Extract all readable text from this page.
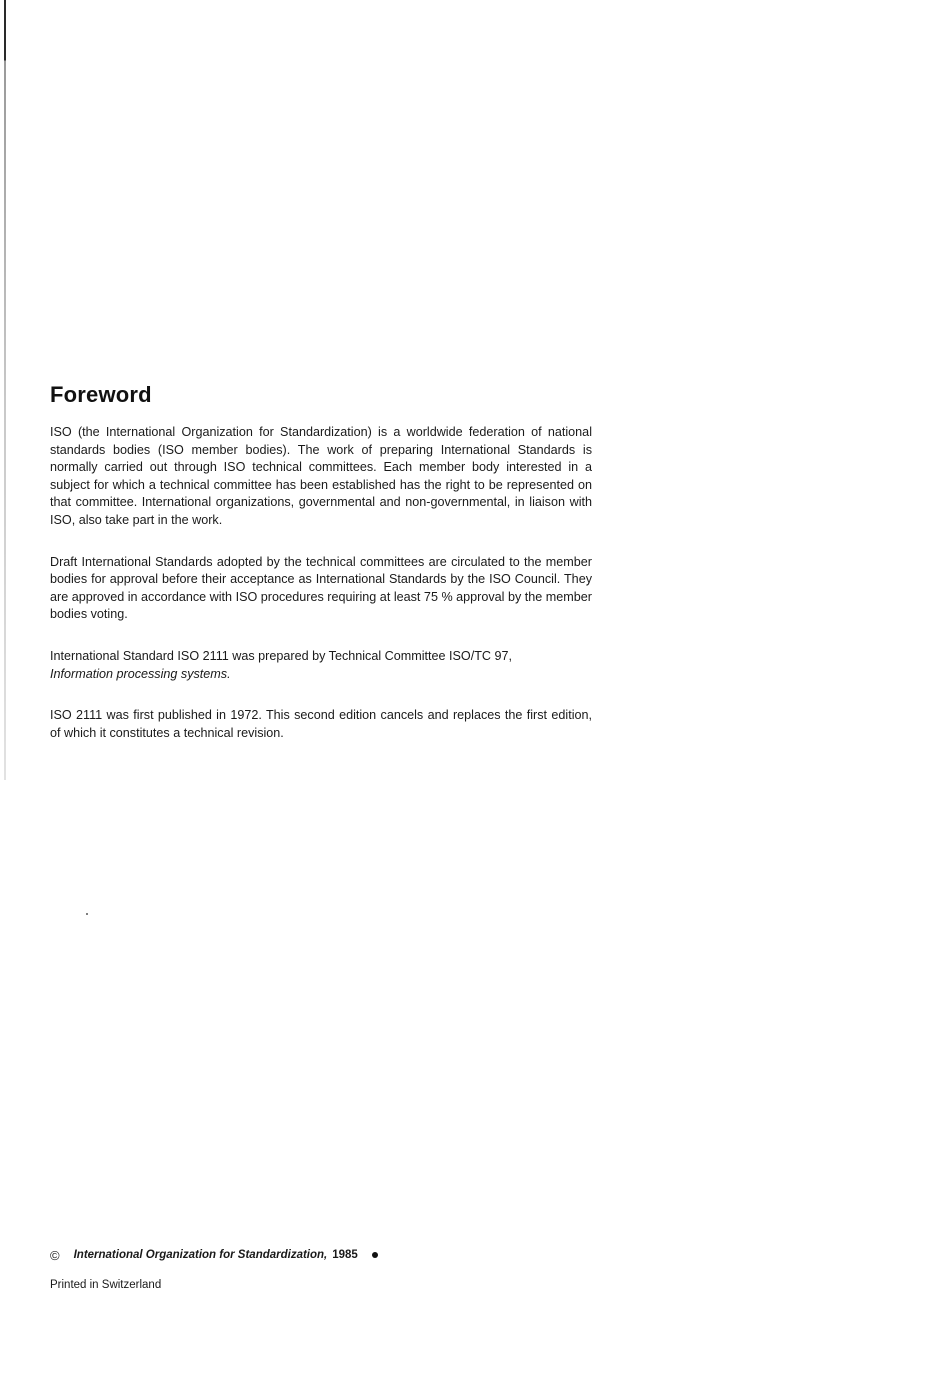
Foreword

ISO (the International Organization for Standardization) is a worldwide federation of national standards bodies (ISO member bodies). The work of preparing International Standards is normally carried out through ISO technical committees. Each member body interested in a subject for which a technical committee has been established has the right to be represented on that committee. International organizations, governmental and non-governmental, in liaison with ISO, also take part in the work.

Draft International Standards adopted by the technical committees are circulated to the member bodies for approval before their acceptance as International Standards by the ISO Council. They are approved in accordance with ISO procedures requiring at least 75 % approval by the member bodies voting.

International Standard ISO 2111 was prepared by Technical Committee ISO/TC 97,
Information processing systems.

ISO 2111 was first published in 1972. This second edition cancels and replaces the first edition, of which it constitutes a technical revision.

© International Organization for Standardization, 1985
Printed in Switzerland
